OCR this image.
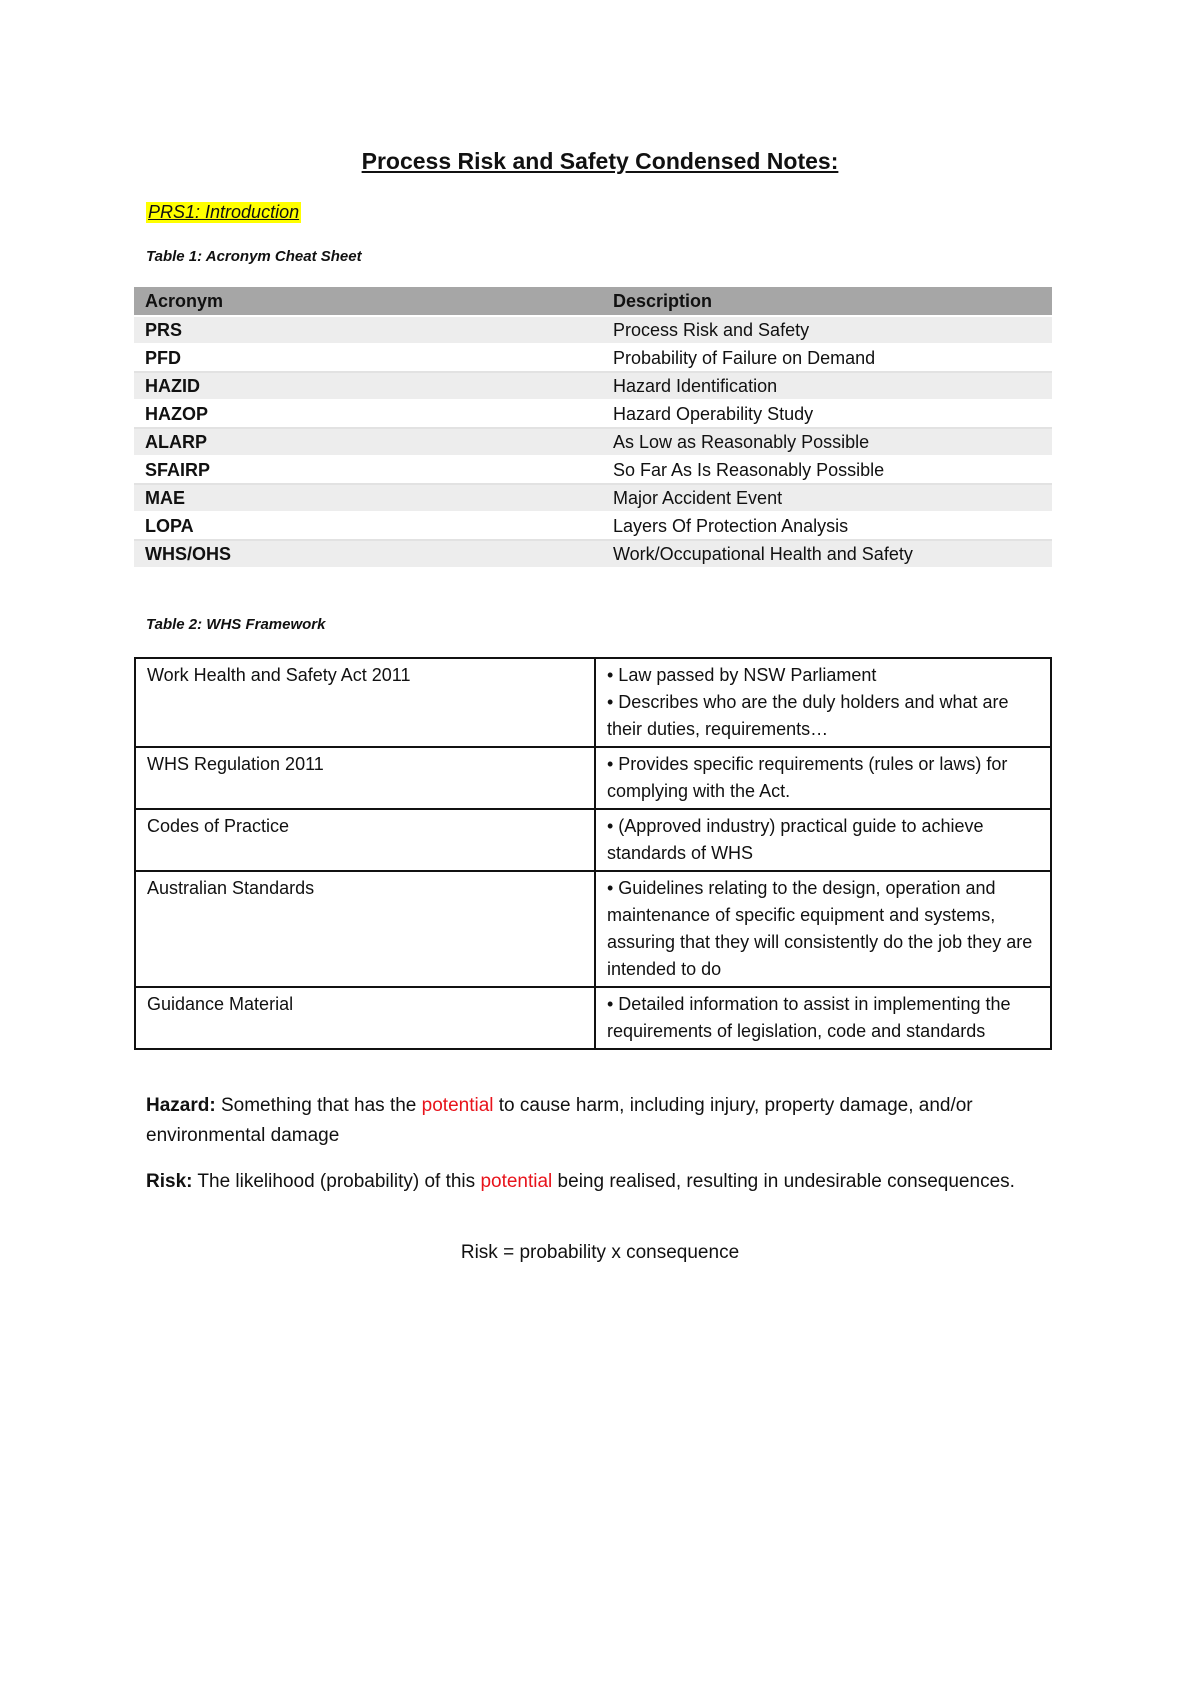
Process Risk and Safety Condensed Notes:

PRS1: Introduction

Table 1: Acronym Cheat Sheet

Acronym	Description
PRS	Process Risk and Safety
PFD	Probability of Failure on Demand
HAZID	Hazard Identification
HAZOP	Hazard Operability Study
ALARP	As Low as Reasonably Possible
SFAIRP	So Far As Is Reasonably Possible
MAE	Major Accident Event
LOPA	Layers Of Protection Analysis
WHS/OHS	Work/Occupational Health and Safety

Table 2: WHS Framework

Work Health and Safety Act 2011	• Law passed by NSW Parliament
• Describes who are the duly holders and what are their duties, requirements…

WHS Regulation 2011	• Provides specific requirements (rules or laws) for complying with the Act.

Codes of Practice	• (Approved industry) practical guide to achieve standards of WHS

Australian Standards	• Guidelines relating to the design, operation and maintenance of specific equipment and systems, assuring that they will consistently do the job they are intended to do

Guidance Material	• Detailed information to assist in implementing the requirements of legislation, code and standards

Hazard: Something that has the potential to cause harm, including injury, property damage, and/or environmental damage

Risk: The likelihood (probability) of this potential being realised, resulting in undesirable consequences.

Risk = probability x consequence
